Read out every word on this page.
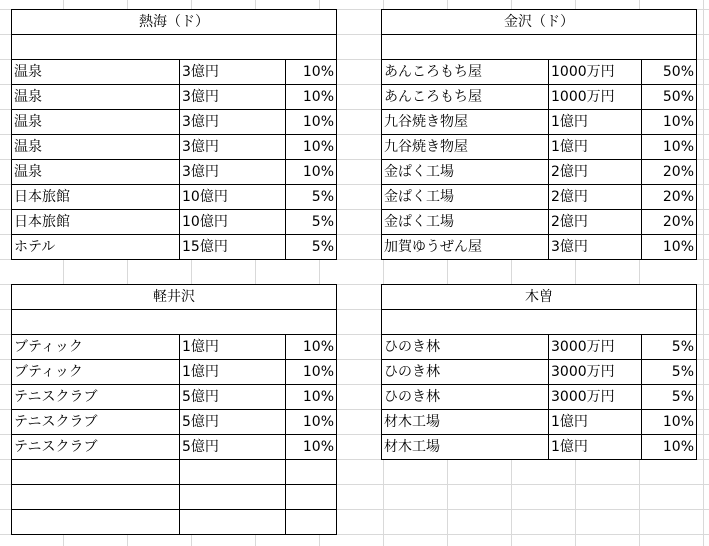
熱海（ド）
温泉	3億円	10%
温泉	3億円	10%
温泉	3億円	10%
温泉	3億円	10%
温泉	3億円	10%
日本旅館	10億円	5%
日本旅館	10億円	5%
ホテル	15億円	5%
金沢（ド）
あんころもち屋	1000万円	50%
あんころもち屋	1000万円	50%
九谷焼き物屋	1億円	10%
九谷焼き物屋	1億円	10%
金ぱく工場	2億円	20%
金ぱく工場	2億円	20%
金ぱく工場	2億円	20%
加賀ゆうぜん屋	3億円	10%
軽井沢
ブティック	1億円	10%
ブティック	1億円	10%
テニスクラブ	5億円	10%
テニスクラブ	5億円	10%
テニスクラブ	5億円	10%
木曽
ひのき林	3000万円	5%
ひのき林	3000万円	5%
ひのき林	3000万円	5%
材木工場	1億円	10%
材木工場	1億円	10%
